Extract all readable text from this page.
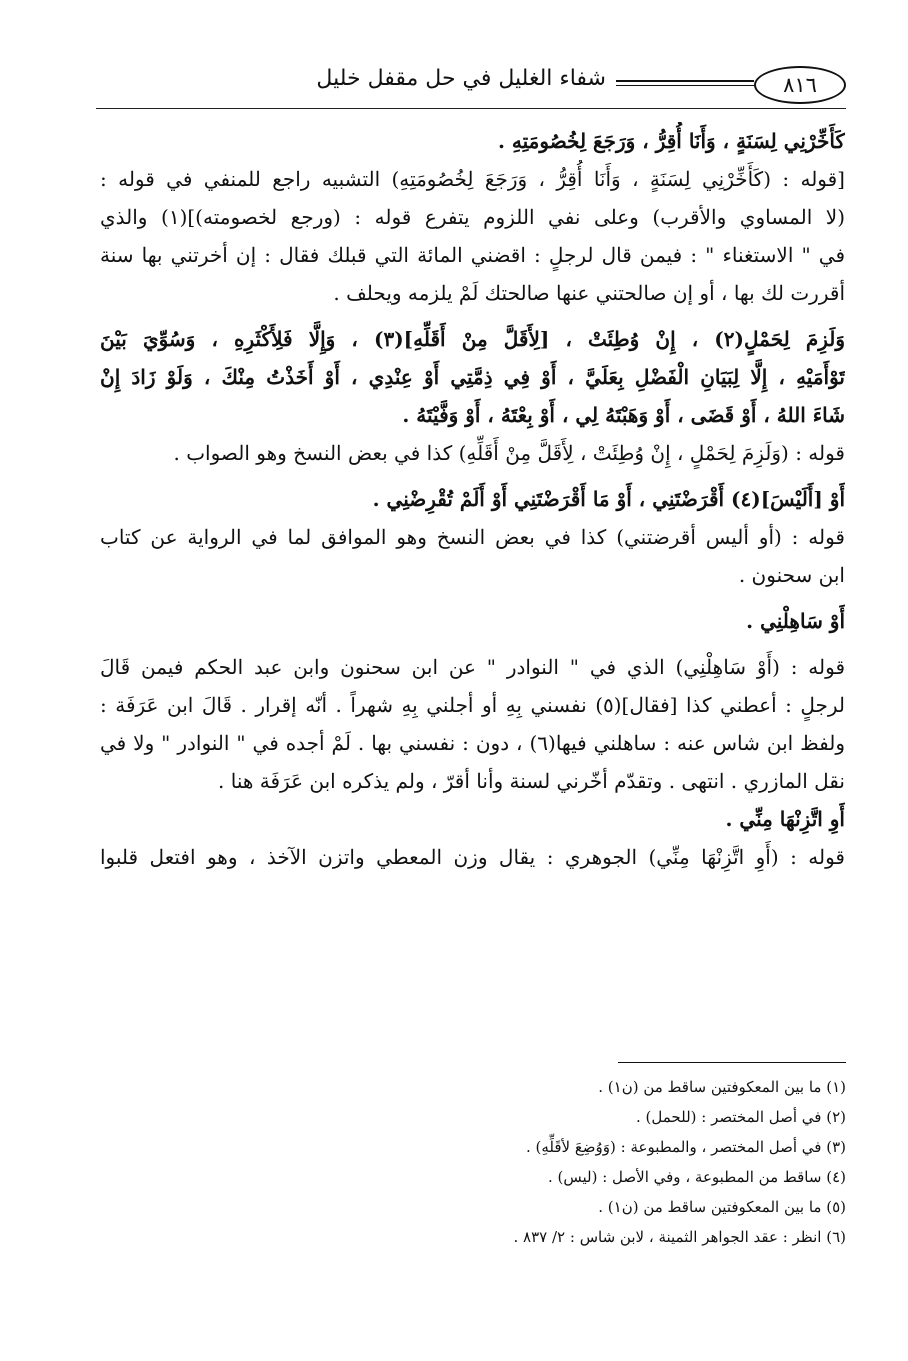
٨١٦
شفاء الغليل في حل مقفل خليل
كَأَخِّرْنِي لِسَنَةٍ ، وَأَنَا أُقِرُّ ، وَرَجَعَ لِخُصُومَتِهِ .
[قوله : (كَأَخِّرْنِي لِسَنَةٍ ، وَأَنَا أُقِرُّ ، وَرَجَعَ لِخُصُومَتِهِ) التشبيه راجع للمنفي في قوله :
(لا المساوي والأقرب) وعلى نفي اللزوم يتفرع قوله : (ورجع لخصومته)](١) والذي
في " الاستغناء " : فيمن قال لرجلٍ : اقضني المائة التي قبلك فقال : إن أخرتني بها سنة
أقررت لك بها ، أو إن صالحتني عنها صالحتك لَمْ يلزمه ويحلف .
وَلَزِمَ لِحَمْلٍ(٢) ، إِنْ وُطِئَتْ ، [لِأَقَلَّ مِنْ أَقَلِّهِ](٣) ، وَإِلَّا فَلِأَكْثَرِهِ ، وَسُوِّيَ بَيْنَ
تَوْأَمَيْهِ ، إِلَّا لِبَيَانِ الْفَضْلِ بِعَلَيَّ ، أَوْ فِي ذِمَّتِي أَوْ عِنْدِي ، أَوْ أَخَذْتُ مِنْكَ ، وَلَوْ زَادَ إِنْ
شَاءَ اللهُ ، أَوْ قَضَى ، أَوْ وَهَبْتَهُ لِي ، أَوْ بِعْتَهُ ، أَوْ وَفَّيْتَهُ .
قوله : (وَلَزِمَ لِحَمْلٍ ، إِنْ وُطِئَتْ ، لِأَقَلَّ مِنْ أَقَلِّهِ) كذا في بعض النسخ وهو الصواب .
أَوْ [أَلَيْسَ](٤) أَقْرَضْتَنِي ، أَوْ مَا أَقْرَضْتَنِي أَوْ أَلَمْ تُقْرِضْنِي .
قوله : (أو أليس أقرضتني) كذا في بعض النسخ وهو الموافق لما في الرواية عن كتاب
ابن سحنون .
أَوْ سَاهِلْنِي .
قوله : (أَوْ سَاهِلْنِي) الذي في " النوادر " عن ابن سحنون وابن عبد الحكم فيمن قَالَ
لرجلٍ : أعطني كذا [فقال](٥) نفسني بِهِ أو أجلني بِهِ شهراً . أنّه إقرار . قَالَ ابن عَرَفَة :
ولفظ ابن شاس عنه : ساهلني فيها(٦) ، دون : نفسني بها . لَمْ أجده في " النوادر " ولا في
نقل المازري . انتهى . وتقدّم أخّرني لسنة وأنا أقرّ ، ولم يذكره ابن عَرَفَة هنا .
أَوِ اتَّزِنْهَا مِنِّي .
قوله : (أَوِ اتَّزِنْهَا مِنِّي) الجوهري : يقال وزن المعطي واتزن الآخذ ، وهو افتعل قلبوا
(١) ما بين المعكوفتين ساقط من (ن١) .
(٢) في أصل المختصر : (للحمل) .
(٣) في أصل المختصر ، والمطبوعة : (وَوُضِعَ لأقَلِّهِ) .
(٤) ساقط من المطبوعة ، وفي الأصل : (ليس) .
(٥) ما بين المعكوفتين ساقط من (ن١) .
(٦) انظر : عقد الجواهر الثمينة ، لابن شاس : ٢/ ٨٣٧ .
